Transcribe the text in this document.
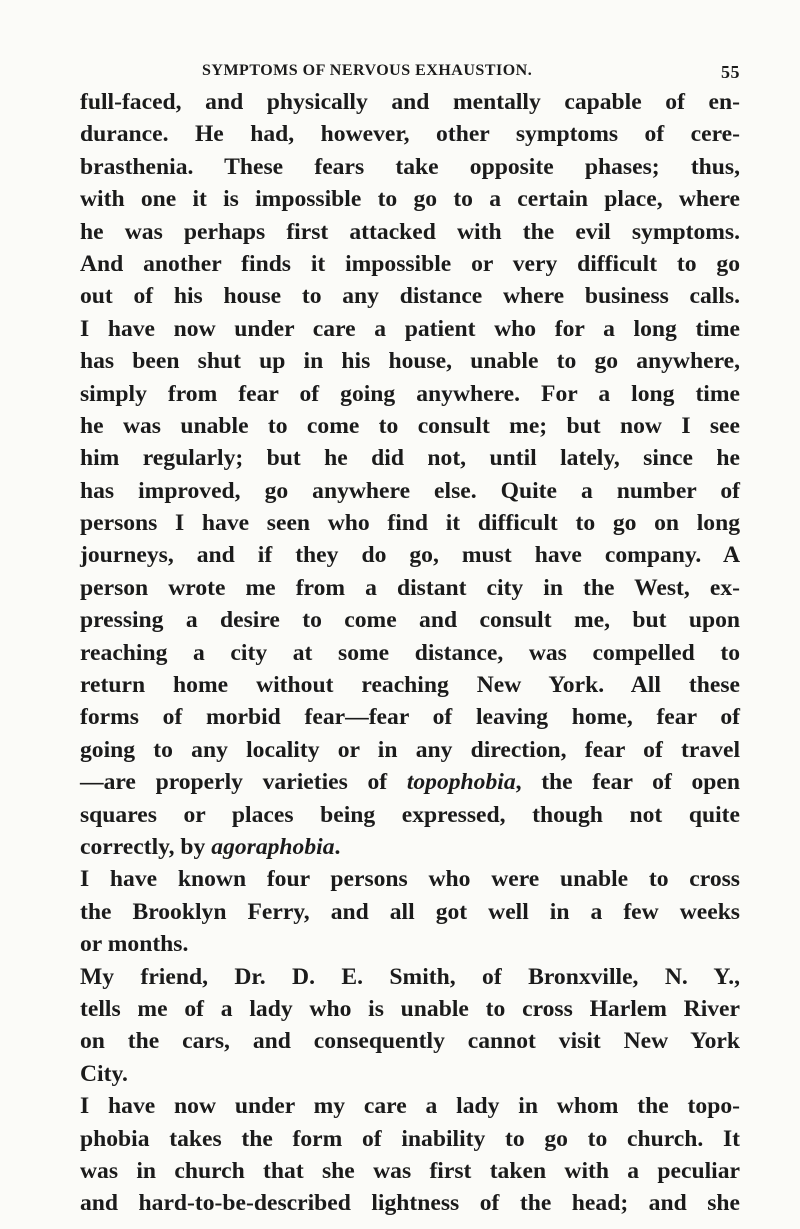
SYMPTOMS OF NERVOUS EXHAUSTION.	55
full-faced, and physically and mentally capable of en-
durance. He had, however, other symptoms of cere-
brasthenia. These fears take opposite phases; thus,
with one it is impossible to go to a certain place, where
he was perhaps first attacked with the evil symptoms.
And another finds it impossible or very difficult to go
out of his house to any distance where business calls.
I have now under care a patient who for a long time
has been shut up in his house, unable to go anywhere,
simply from fear of going anywhere. For a long time
he was unable to come to consult me; but now I see
him regularly; but he did not, until lately, since he
has improved, go anywhere else. Quite a number of
persons I have seen who find it difficult to go on long
journeys, and if they do go, must have company. A
person wrote me from a distant city in the West, ex-
pressing a desire to come and consult me, but upon
reaching a city at some distance, was compelled to
return home without reaching New York. All these
forms of morbid fear—fear of leaving home, fear of
going to any locality or in any direction, fear of travel
—are properly varieties of topophobia, the fear of open
squares or places being expressed, though not quite
correctly, by agoraphobia.
I have known four persons who were unable to cross
the Brooklyn Ferry, and all got well in a few weeks
or months.
My friend, Dr. D. E. Smith, of Bronxville, N. Y.,
tells me of a lady who is unable to cross Harlem River
on the cars, and consequently cannot visit New York
City.
I have now under my care a lady in whom the topo-
phobia takes the form of inability to go to church. It
was in church that she was first taken with a peculiar
and hard-to-be-described lightness of the head; and she
